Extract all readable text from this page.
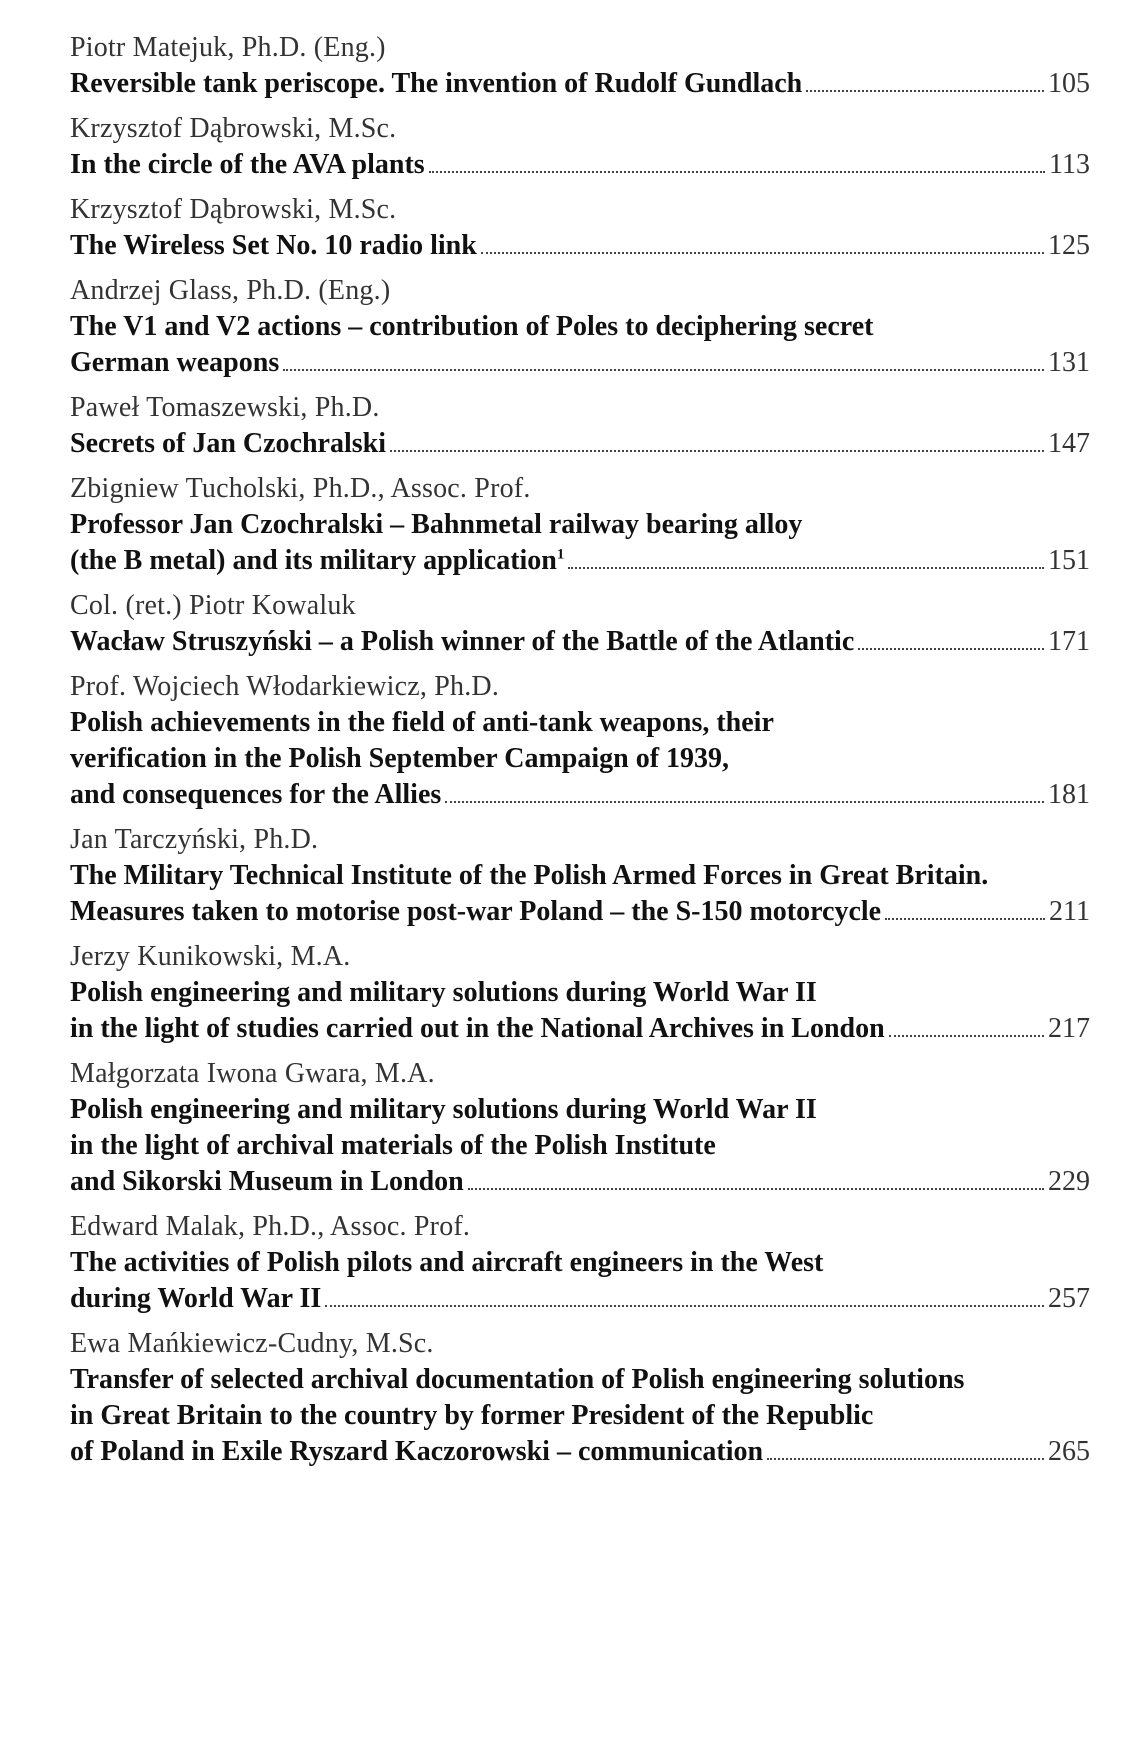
Piotr Matejuk, Ph.D. (Eng.)
Reversible tank periscope. The invention of Rudolf Gundlach	105
Krzysztof Dąbrowski, M.Sc.
In the circle of the AVA plants	113
Krzysztof Dąbrowski, M.Sc.
The Wireless Set No. 10 radio link	125
Andrzej Glass, Ph.D. (Eng.)
The V1 and V2 actions – contribution of Poles to deciphering secret
German weapons	131
Paweł Tomaszewski, Ph.D.
Secrets of Jan Czochralski	147
Zbigniew Tucholski, Ph.D., Assoc. Prof.
Professor Jan Czochralski – Bahnmetal railway bearing alloy
(the B metal) and its military application$^1$	151
Col. (ret.) Piotr Kowaluk
Wacław Struszyński – a Polish winner of the Battle of the Atlantic	171
Prof. Wojciech Włodarkiewicz, Ph.D.
Polish achievements in the field of anti-tank weapons, their
verification in the Polish September Campaign of 1939,
and consequences for the Allies	181
Jan Tarczyński, Ph.D.
The Military Technical Institute of the Polish Armed Forces in Great Britain.
Measures taken to motorise post-war Poland – the S-150 motorcycle	211
Jerzy Kunikowski, M.A.
Polish engineering and military solutions during World War II
in the light of studies carried out in the National Archives in London	217
Małgorzata Iwona Gwara, M.A.
Polish engineering and military solutions during World War II
in the light of archival materials of the Polish Institute
and Sikorski Museum in London	229
Edward Malak, Ph.D., Assoc. Prof.
The activities of Polish pilots and aircraft engineers in the West
during World War II	257
Ewa Mańkiewicz-Cudny, M.Sc.
Transfer of selected archival documentation of Polish engineering solutions
in Great Britain to the country by former President of the Republic
of Poland in Exile Ryszard Kaczorowski – communication	265
